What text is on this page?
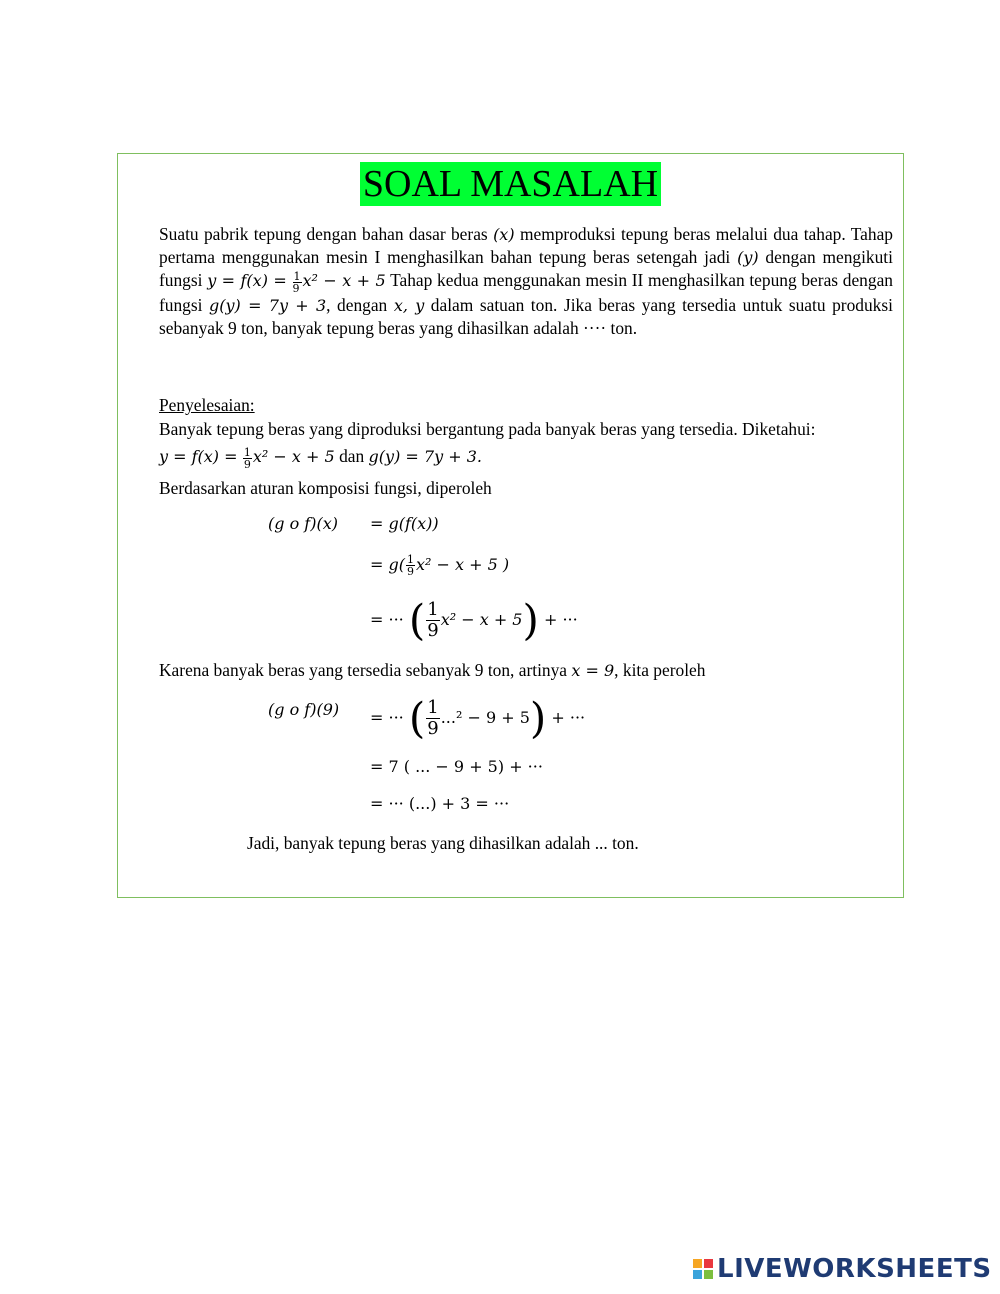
SOAL MASALAH
Suatu pabrik tepung dengan bahan dasar beras (x) memproduksi tepung beras melalui dua tahap. Tahap pertama menggunakan mesin I menghasilkan bahan tepung beras setengah jadi (y) dengan mengikuti fungsi $y = f(x) = \frac{1}{9} x^2 - x + 5$ Tahap kedua menggunakan mesin II menghasilkan tepung beras dengan fungsi g(y) = 7y + 3, dengan x, y dalam satuan ton. Jika beras yang tersedia untuk suatu produksi sebanyak 9 ton, banyak tepung beras yang dihasilkan adalah ···· ton.
Penyelesaian:
Banyak tepung beras yang diproduksi bergantung pada banyak beras yang tersedia. Diketahui:
$y = f(x) = \frac{1}{9} x^2 - x + 5$ dan g(y) = 7y + 3.
Berdasarkan aturan komposisi fungsi, diperoleh
(g o f)(x) = g(f(x))
= $g( \frac{1}{9} x^2 - x + 5$ )
= ··· ( $\frac{1}{9} x^2 - x + 5$) + ···
Karena banyak beras yang tersedia sebanyak 9 ton, artinya x = 9, kita peroleh
(g o f)(9) = ··· ( $\frac{1}{9} ...^2 - 9 + 5$) + ···
= 7 ( ... − 9 + 5) + ···
= ··· (...) + 3 = ···
Jadi, banyak tepung beras yang dihasilkan adalah ... ton.
LIVEWORKSHEETS
